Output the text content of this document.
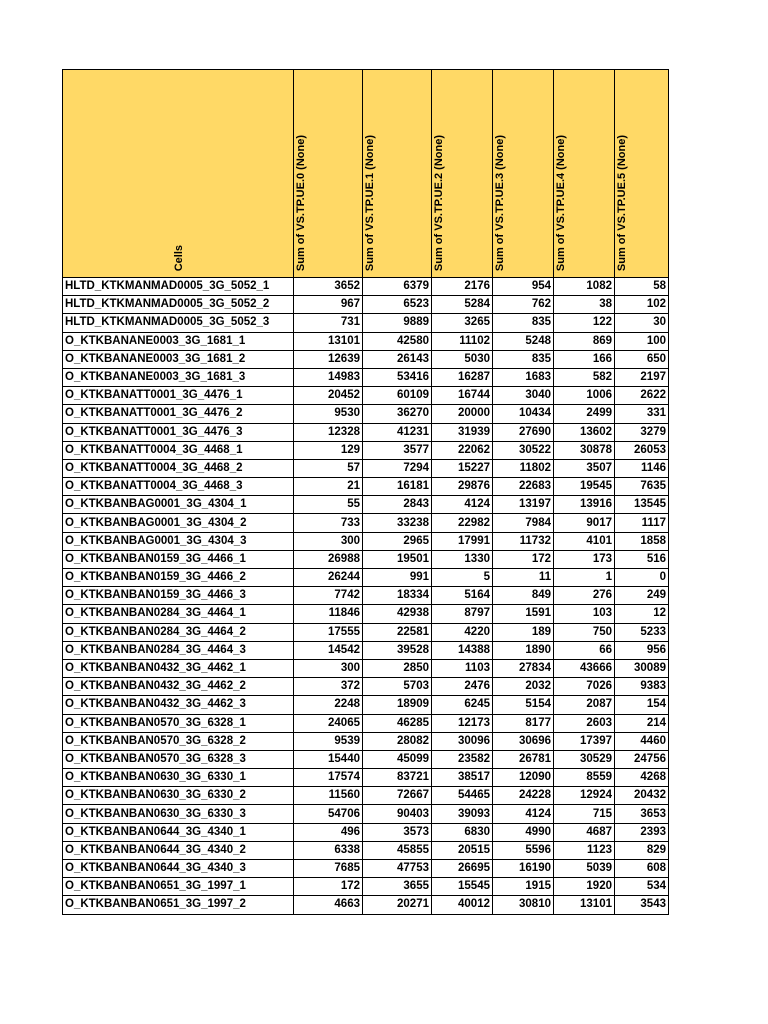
Cells	Sum of VS.TP.UE.0 (None)	Sum of VS.TP.UE.1 (None)	Sum of VS.TP.UE.2 (None)	Sum of VS.TP.UE.3 (None)	Sum of VS.TP.UE.4 (None)	Sum of VS.TP.UE.5 (None)
HLTD_KTKMANMAD0005_3G_5052_1	3652	6379	2176	954	1082	58
HLTD_KTKMANMAD0005_3G_5052_2	967	6523	5284	762	38	102
HLTD_KTKMANMAD0005_3G_5052_3	731	9889	3265	835	122	30
O_KTKBANANE0003_3G_1681_1	13101	42580	11102	5248	869	100
O_KTKBANANE0003_3G_1681_2	12639	26143	5030	835	166	650
O_KTKBANANE0003_3G_1681_3	14983	53416	16287	1683	582	2197
O_KTKBANATT0001_3G_4476_1	20452	60109	16744	3040	1006	2622
O_KTKBANATT0001_3G_4476_2	9530	36270	20000	10434	2499	331
O_KTKBANATT0001_3G_4476_3	12328	41231	31939	27690	13602	3279
O_KTKBANATT0004_3G_4468_1	129	3577	22062	30522	30878	26053
O_KTKBANATT0004_3G_4468_2	57	7294	15227	11802	3507	1146
O_KTKBANATT0004_3G_4468_3	21	16181	29876	22683	19545	7635
O_KTKBANBAG0001_3G_4304_1	55	2843	4124	13197	13916	13545
O_KTKBANBAG0001_3G_4304_2	733	33238	22982	7984	9017	1117
O_KTKBANBAG0001_3G_4304_3	300	2965	17991	11732	4101	1858
O_KTKBANBAN0159_3G_4466_1	26988	19501	1330	172	173	516
O_KTKBANBAN0159_3G_4466_2	26244	991	5	11	1	0
O_KTKBANBAN0159_3G_4466_3	7742	18334	5164	849	276	249
O_KTKBANBAN0284_3G_4464_1	11846	42938	8797	1591	103	12
O_KTKBANBAN0284_3G_4464_2	17555	22581	4220	189	750	5233
O_KTKBANBAN0284_3G_4464_3	14542	39528	14388	1890	66	956
O_KTKBANBAN0432_3G_4462_1	300	2850	1103	27834	43666	30089
O_KTKBANBAN0432_3G_4462_2	372	5703	2476	2032	7026	9383
O_KTKBANBAN0432_3G_4462_3	2248	18909	6245	5154	2087	154
O_KTKBANBAN0570_3G_6328_1	24065	46285	12173	8177	2603	214
O_KTKBANBAN0570_3G_6328_2	9539	28082	30096	30696	17397	4460
O_KTKBANBAN0570_3G_6328_3	15440	45099	23582	26781	30529	24756
O_KTKBANBAN0630_3G_6330_1	17574	83721	38517	12090	8559	4268
O_KTKBANBAN0630_3G_6330_2	11560	72667	54465	24228	12924	20432
O_KTKBANBAN0630_3G_6330_3	54706	90403	39093	4124	715	3653
O_KTKBANBAN0644_3G_4340_1	496	3573	6830	4990	4687	2393
O_KTKBANBAN0644_3G_4340_2	6338	45855	20515	5596	1123	829
O_KTKBANBAN0644_3G_4340_3	7685	47753	26695	16190	5039	608
O_KTKBANBAN0651_3G_1997_1	172	3655	15545	1915	1920	534
O_KTKBANBAN0651_3G_1997_2	4663	20271	40012	30810	13101	3543
